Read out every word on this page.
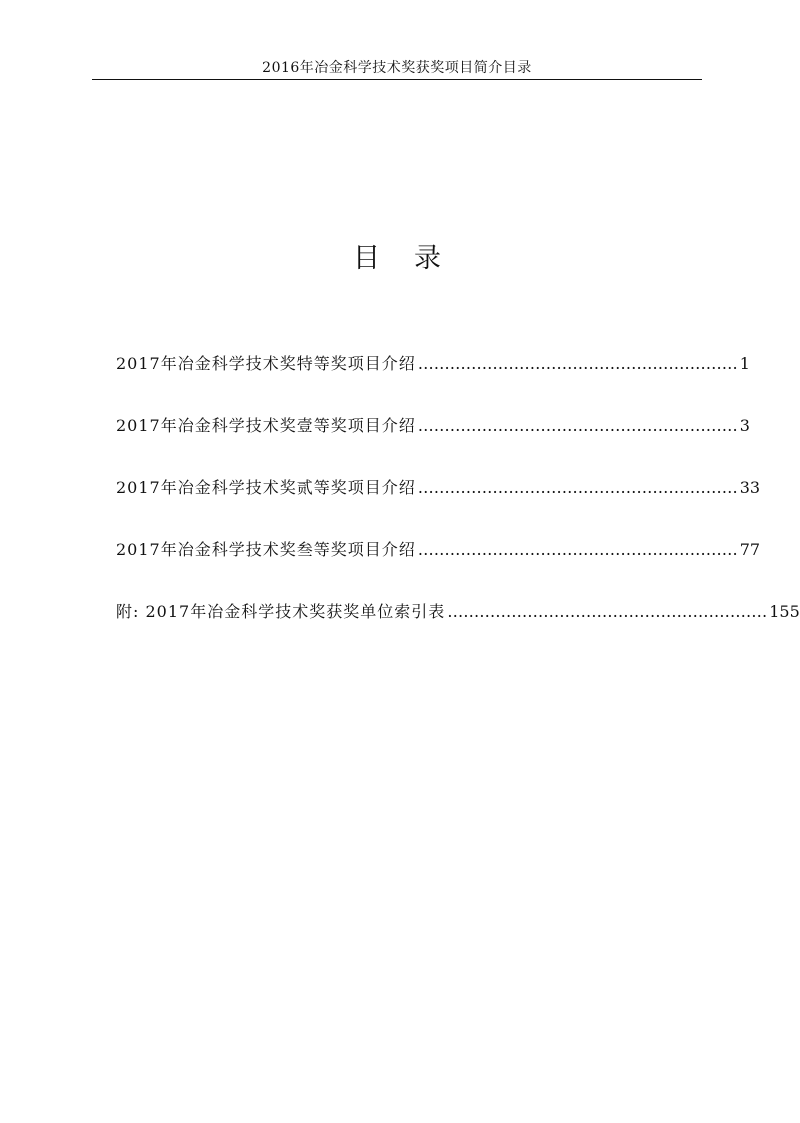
2016年冶金科学技术奖获奖项目简介目录
目录
2017年冶金科学技术奖特等奖项目介绍 …………………………………………………… 1
2017年冶金科学技术奖壹等奖项目介绍 …………………………………………………… 3
2017年冶金科学技术奖贰等奖项目介绍 …………………………………………………… 33
2017年冶金科学技术奖叁等奖项目介绍 …………………………………………………… 77
附: 2017年冶金科学技术奖获奖单位索引表 …………………………………………………… 155
